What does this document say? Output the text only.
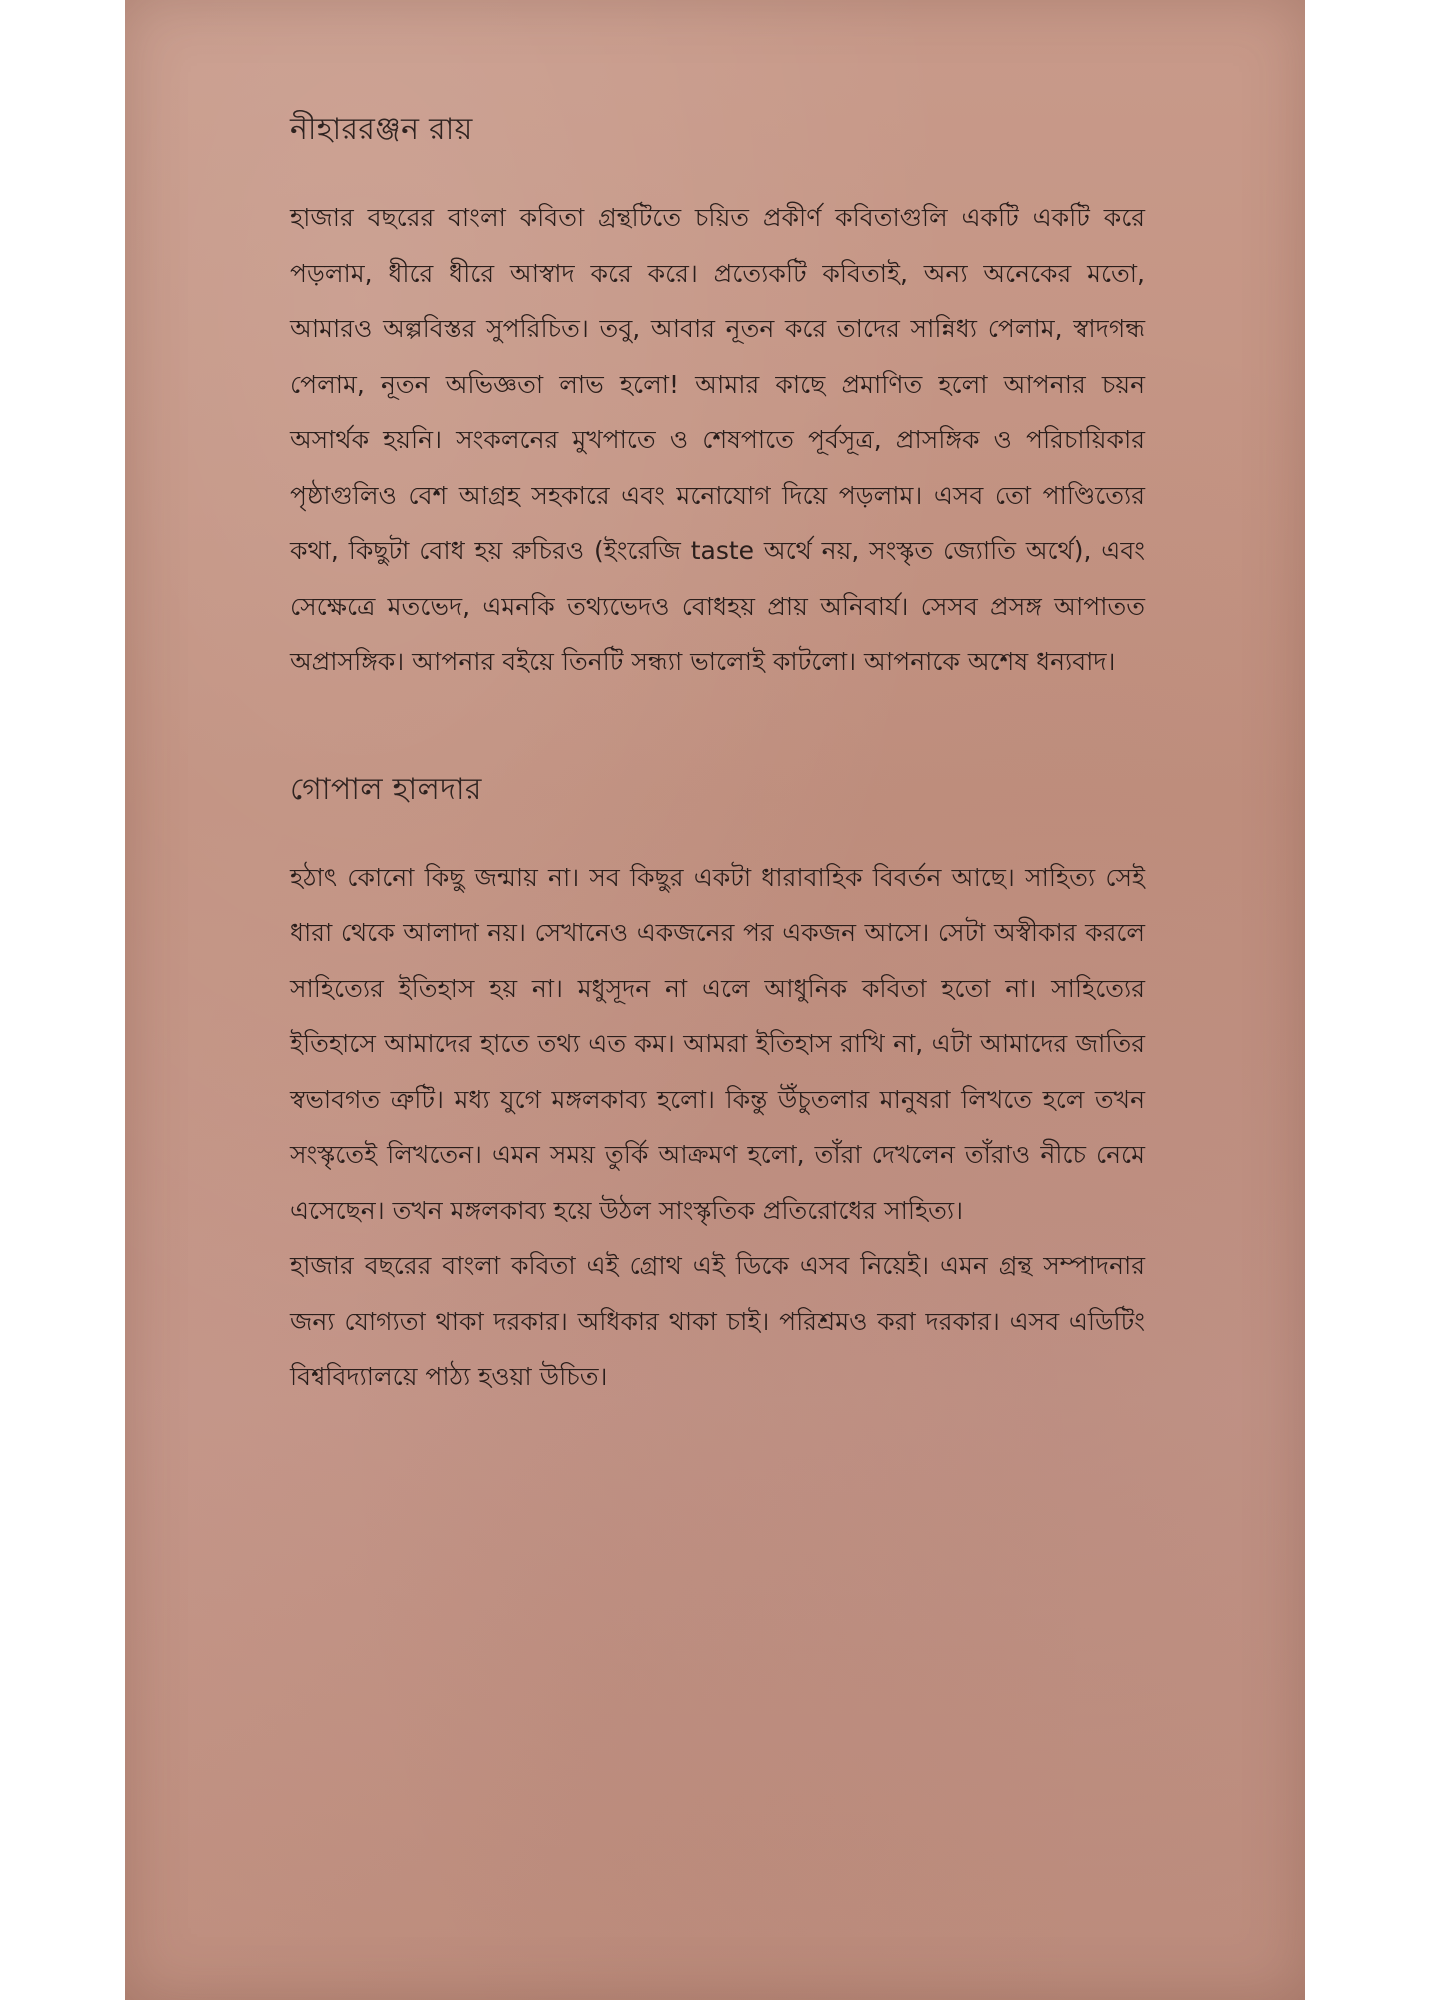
নীহাররঞ্জন রায়

হাজার বছরের বাংলা কবিতা গ্রন্থটিতে চয়িত প্রকীর্ণ কবিতাগুলি একটি একটি করে পড়লাম, ধীরে ধীরে আস্বাদ করে করে। প্রত্যেকটি কবিতাই, অন্য অনেকের মতো, আমারও অল্পবিস্তর সুপরিচিত। তবু, আবার নূতন করে তাদের সান্নিধ্য পেলাম, স্বাদগন্ধ পেলাম, নূতন অভিজ্ঞতা লাভ হলো! আমার কাছে প্রমাণিত হলো আপনার চয়ন অসার্থক হয়নি। সংকলনের মুখপাতে ও শেষপাতে পূর্বসূত্র, প্রাসঙ্গিক ও পরিচায়িকার পৃষ্ঠাগুলিও বেশ আগ্রহ সহকারে এবং মনোযোগ দিয়ে পড়লাম। এসব তো পাণ্ডিত্যের কথা, কিছুটা বোধ হয় রুচিরও (ইংরেজি taste অর্থে নয়, সংস্কৃত জ্যোতি অর্থে), এবং সেক্ষেত্রে মতভেদ, এমনকি তথ্যভেদও বোধহয় প্রায় অনিবার্য। সেসব প্রসঙ্গ আপাতত অপ্রাসঙ্গিক। আপনার বইয়ে তিনটি সন্ধ্যা ভালোই কাটলো। আপনাকে অশেষ ধন্যবাদ।

গোপাল হালদার

হঠাৎ কোনো কিছু জন্মায় না। সব কিছুর একটা ধারাবাহিক বিবর্তন আছে। সাহিত্য সেই ধারা থেকে আলাদা নয়। সেখানেও একজনের পর একজন আসে। সেটা অস্বীকার করলে সাহিত্যের ইতিহাস হয় না। মধুসূদন না এলে আধুনিক কবিতা হতো না। সাহিত্যের ইতিহাসে আমাদের হাতে তথ্য এত কম। আমরা ইতিহাস রাখি না, এটা আমাদের জাতির স্বভাবগত ত্রুটি। মধ্য যুগে মঙ্গলকাব্য হলো। কিন্তু উঁচুতলার মানুষরা লিখতে হলে তখন সংস্কৃতেই লিখতেন। এমন সময় তুর্কি আক্রমণ হলো, তাঁরা দেখলেন তাঁরাও নীচে নেমে এসেছেন। তখন মঙ্গলকাব্য হয়ে উঠল সাংস্কৃতিক প্রতিরোধের সাহিত্য।

হাজার বছরের বাংলা কবিতা এই গ্রোথ এই ডিকে এসব নিয়েই। এমন গ্রন্থ সম্পাদনার জন্য যোগ্যতা থাকা দরকার। অধিকার থাকা চাই। পরিশ্রমও করা দরকার। এসব এডিটিং বিশ্ববিদ্যালয়ে পাঠ্য হওয়া উচিত।
